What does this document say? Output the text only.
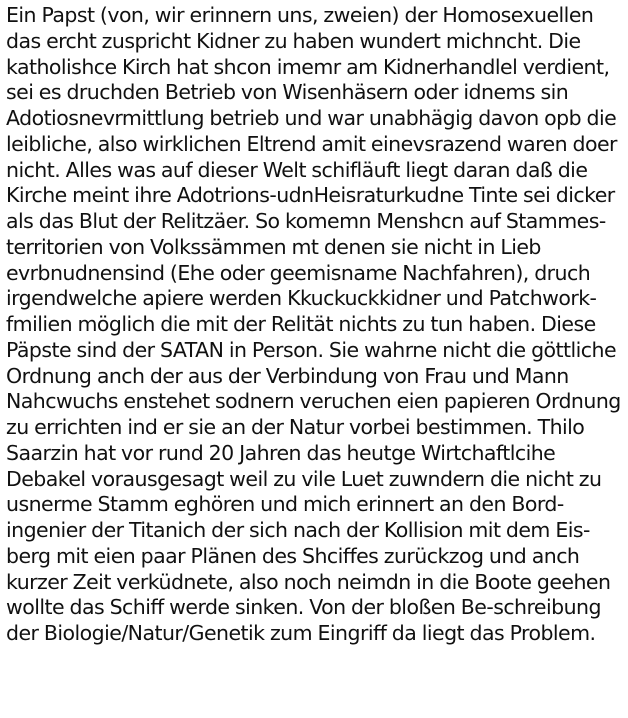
Ein Papst (von, wir erinnern uns, zweien) der Homosexuellen
das ercht zuspricht Kidner zu haben wundert michncht. Die
katholishce Kirch hat shcon imemr am Kidnerhandlel verdient,
sei es druchden Betrieb von Wisenhäsern oder idnems sin
Adotiosnevrmittlung betrieb und war unabhägig davon opb die
leibliche, also wirklichen Eltrend amit einevsrazend waren doer
nicht. Alles was auf dieser Welt schifläuft liegt daran daß die
Kirche meint ihre Adotrions-udnHeisraturkudne Tinte sei dicker
als das Blut der Relitzäer. So komemn Menshcn auf Stammes-
territorien von Volkssämmen mt denen sie nicht in Lieb
evrbnudnensind (Ehe oder geemisname Nachfahren), druch
irgendwelche apiere werden Kkuckuckkidner und Patchwork-
fmilien möglich die mit der Relität nichts zu tun haben. Diese
Päpste sind der SATAN in Person. Sie wahrne nicht die göttliche
Ordnung anch der aus der Verbindung von Frau und Mann
Nahcwuchs enstehet sodnern veruchen eien papieren Ordnung
zu errichten ind er sie an der Natur vorbei bestimmen. Thilo
Saarzin hat vor rund 20 Jahren das heutge Wirtchaftlcihe
Debakel vorausgesagt weil zu vile Luet zuwndern die nicht zu
usnerme Stamm eghören und mich erinnert an den Bord-
ingenier der Titanich der sich nach der Kollision mit dem Eis-
berg mit eien paar Plänen des Shciffes zurückzog und anch
kurzer Zeit verküdnete, also noch neimdn in die Boote geehen
wollte das Schiff werde sinken. Von der bloßen Be-schreibung
der Biologie/Natur/Genetik zum Eingriff da liegt das Problem.
